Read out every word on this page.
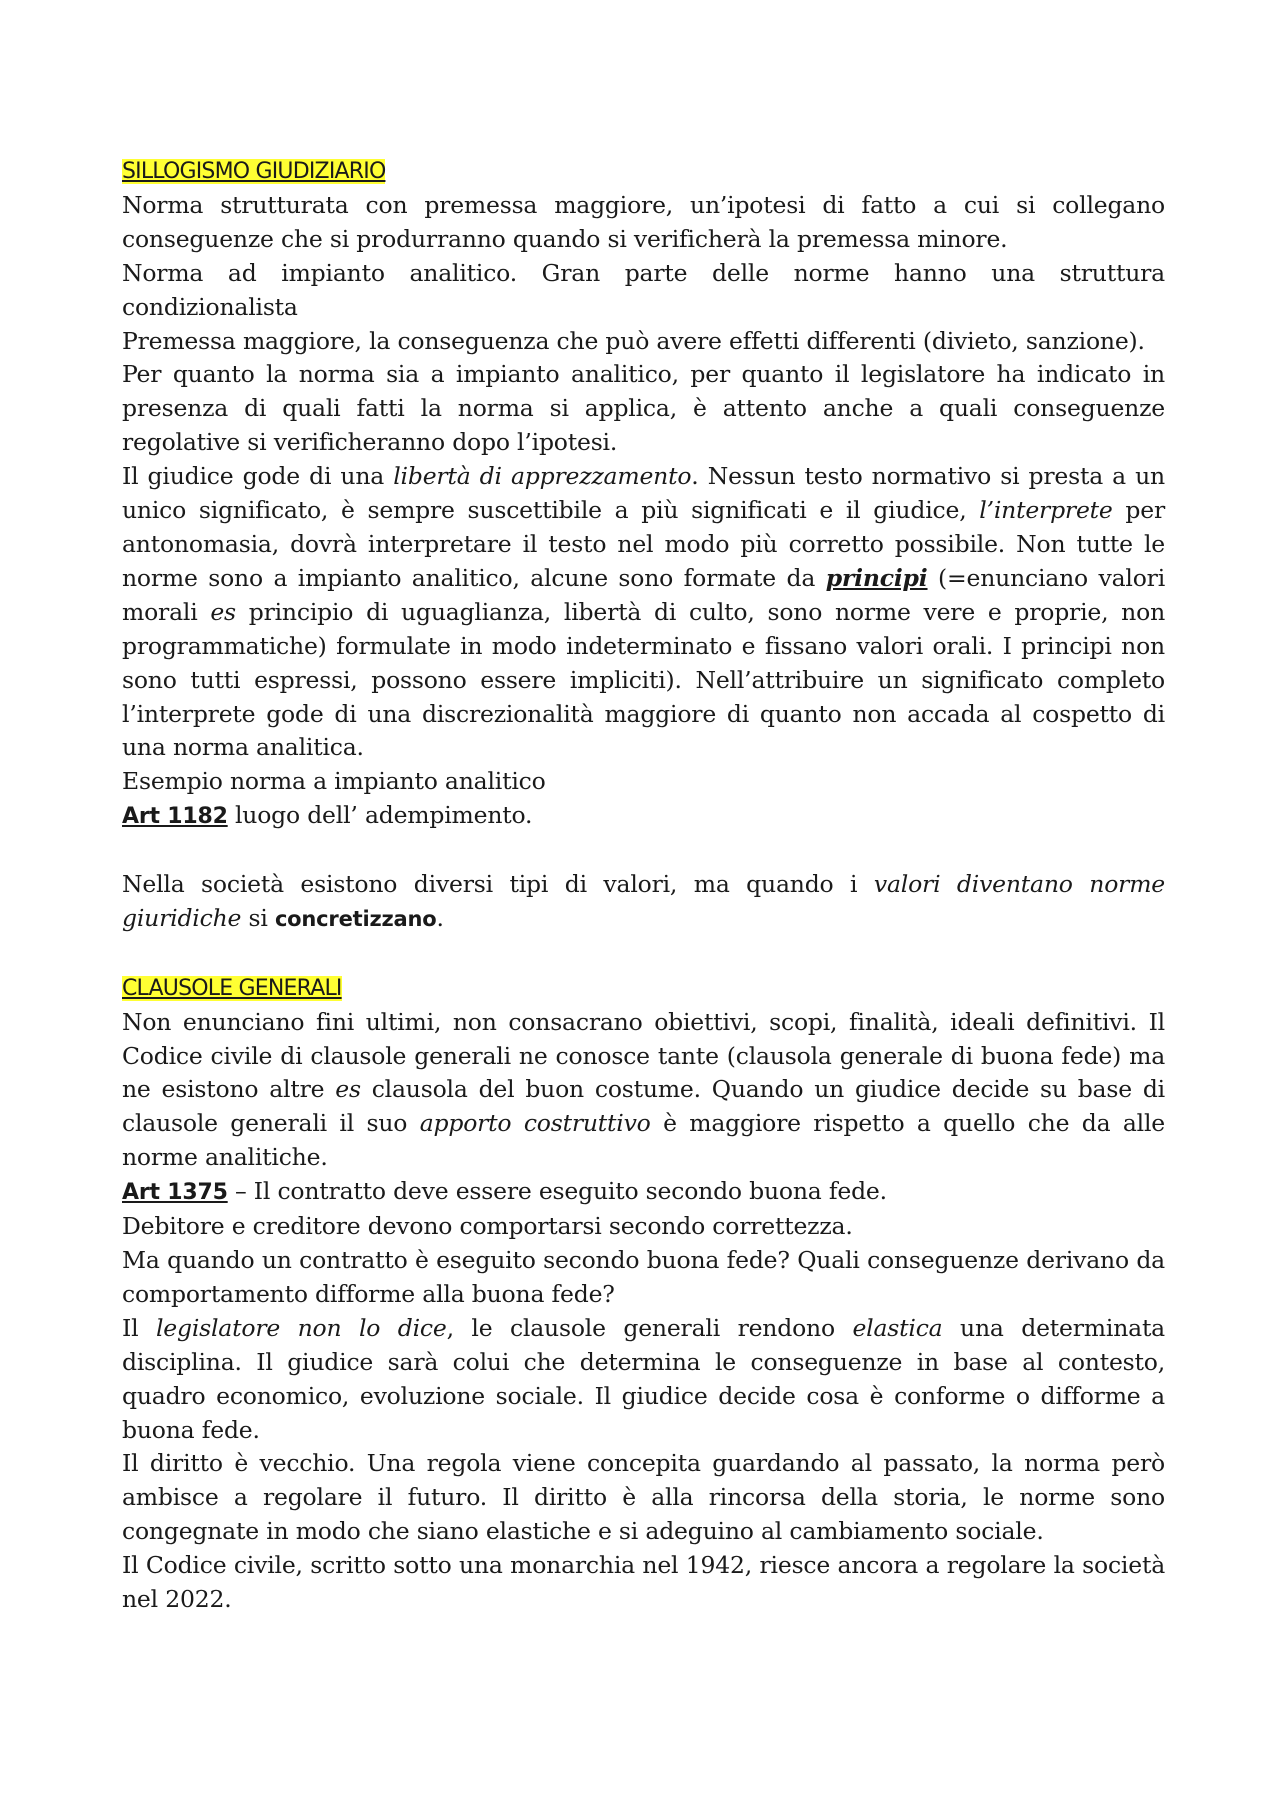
SILLOGISMO GIUDIZIARIO

Norma strutturata con premessa maggiore, un’ipotesi di fatto a cui si collegano conseguenze che si produrranno quando si verificherà la premessa minore.

Norma ad impianto analitico. Gran parte delle norme hanno una struttura condizionalista

Premessa maggiore, la conseguenza che può avere effetti differenti (divieto, sanzione).

Per quanto la norma sia a impianto analitico, per quanto il legislatore ha indicato in presenza di quali fatti la norma si applica, è attento anche a quali conseguenze regolative si verificheranno dopo l’ipotesi.

Il giudice gode di una libertà di apprezzamento. Nessun testo normativo si presta a un unico significato, è sempre suscettibile a più significati e il giudice, l’interprete per antonomasia, dovrà interpretare il testo nel modo più corretto possibile. Non tutte le norme sono a impianto analitico, alcune sono formate da principi (=enunciano valori morali es principio di uguaglianza, libertà di culto, sono norme vere e proprie, non programmatiche) formulate in modo indeterminato e fissano valori orali. I principi non sono tutti espressi, possono essere impliciti). Nell’attribuire un significato completo l’interprete gode di una discrezionalità maggiore di quanto non accada al cospetto di una norma analitica.

Esempio norma a impianto analitico

Art 1182 luogo dell’ adempimento.

Nella società esistono diversi tipi di valori, ma quando i valori diventano norme giuridiche si concretizzano.

CLAUSOLE GENERALI

Non enunciano fini ultimi, non consacrano obiettivi, scopi, finalità, ideali definitivi. Il Codice civile di clausole generali ne conosce tante (clausola generale di buona fede) ma ne esistono altre es clausola del buon costume. Quando un giudice decide su base di clausole generali il suo apporto costruttivo è maggiore rispetto a quello che da alle norme analitiche.

Art 1375 – Il contratto deve essere eseguito secondo buona fede.

Debitore e creditore devono comportarsi secondo correttezza.

Ma quando un contratto è eseguito secondo buona fede? Quali conseguenze derivano da comportamento difforme alla buona fede?

Il legislatore non lo dice, le clausole generali rendono elastica una determinata disciplina. Il giudice sarà colui che determina le conseguenze in base al contesto, quadro economico, evoluzione sociale. Il giudice decide cosa è conforme o difforme a buona fede.

Il diritto è vecchio. Una regola viene concepita guardando al passato, la norma però ambisce a regolare il futuro. Il diritto è alla rincorsa della storia, le norme sono congegnate in modo che siano elastiche e si adeguino al cambiamento sociale.

Il Codice civile, scritto sotto una monarchia nel 1942, riesce ancora a regolare la società nel 2022.
